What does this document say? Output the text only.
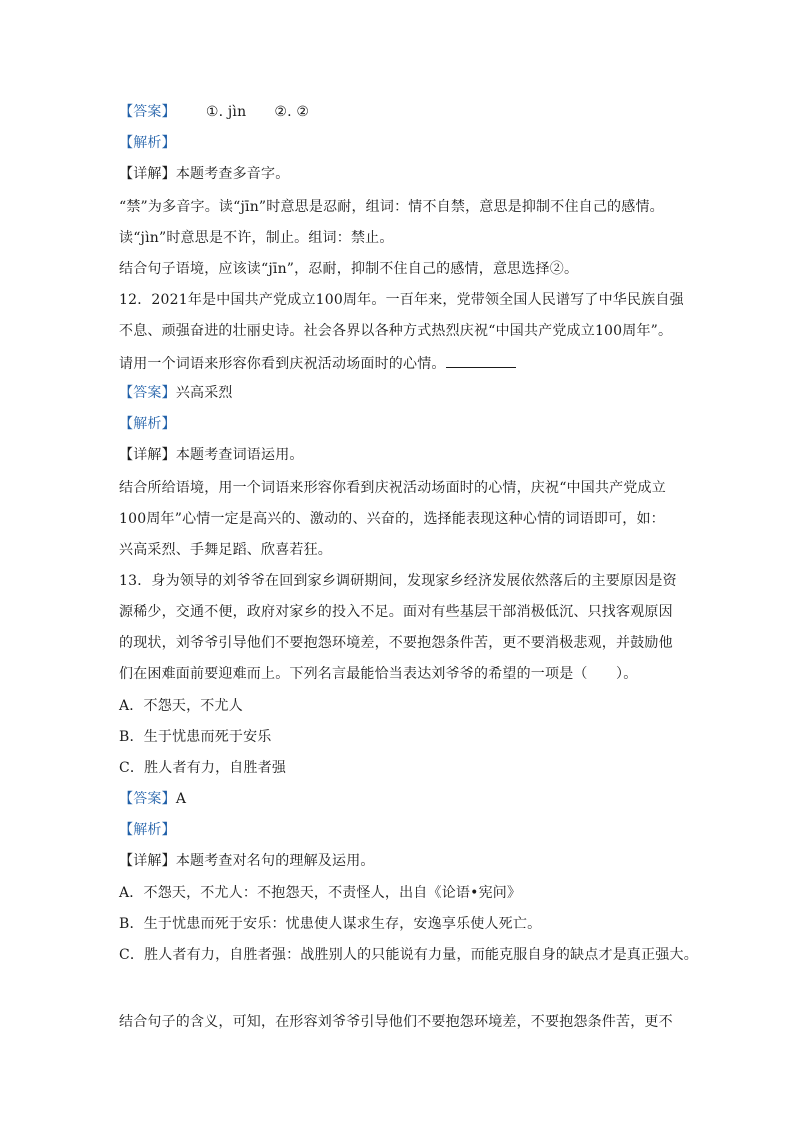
【答案】 ①. jìn ②. ②
【解析】
【详解】本题考查多音字。
“禁”为多音字。读“jīn”时意思是忍耐，组词：情不自禁，意思是抑制不住自己的感情。
读“jìn”时意思是不许，制止。组词：禁止。
结合句子语境，应该读“jīn”，忍耐，抑制不住自己的感情，意思选择②。
12．2021年是中国共产党成立100周年。一百年来，党带领全国人民谱写了中华民族自强
不息、顽强奋进的壮丽史诗。社会各界以各种方式热烈庆祝“中国共产党成立100周年”。
请用一个词语来形容你看到庆祝活动场面时的心情。
【答案】兴高采烈
【解析】
【详解】本题考查词语运用。
结合所给语境，用一个词语来形容你看到庆祝活动场面时的心情，庆祝“中国共产党成立
100周年”心情一定是高兴的、激动的、兴奋的，选择能表现这种心情的词语即可，如：
兴高采烈、手舞足蹈、欣喜若狂。
13．身为领导的刘爷爷在回到家乡调研期间，发现家乡经济发展依然落后的主要原因是资
源稀少，交通不便，政府对家乡的投入不足。面对有些基层干部消极低沉、只找客观原因
的现状，刘爷爷引导他们不要抱怨环境差，不要抱怨条件苦，更不要消极悲观，并鼓励他
们在困难面前要迎难而上。下列名言最能恰当表达刘爷爷的希望的一项是（　　）。
A．不怨天，不尤人
B．生于忧患而死于安乐
C．胜人者有力，自胜者强
【答案】A
【解析】
【详解】本题考查对名句的理解及运用。
A．不怨天，不尤人：不抱怨天，不责怪人，出自《论语•宪问》
B．生于忧患而死于安乐：忧患使人谋求生存，安逸享乐使人死亡。
C．胜人者有力，自胜者强：战胜别人的只能说有力量，而能克服自身的缺点才是真正强大。
结合句子的含义，可知，在形容刘爷爷引导他们不要抱怨环境差，不要抱怨条件苦，更不
